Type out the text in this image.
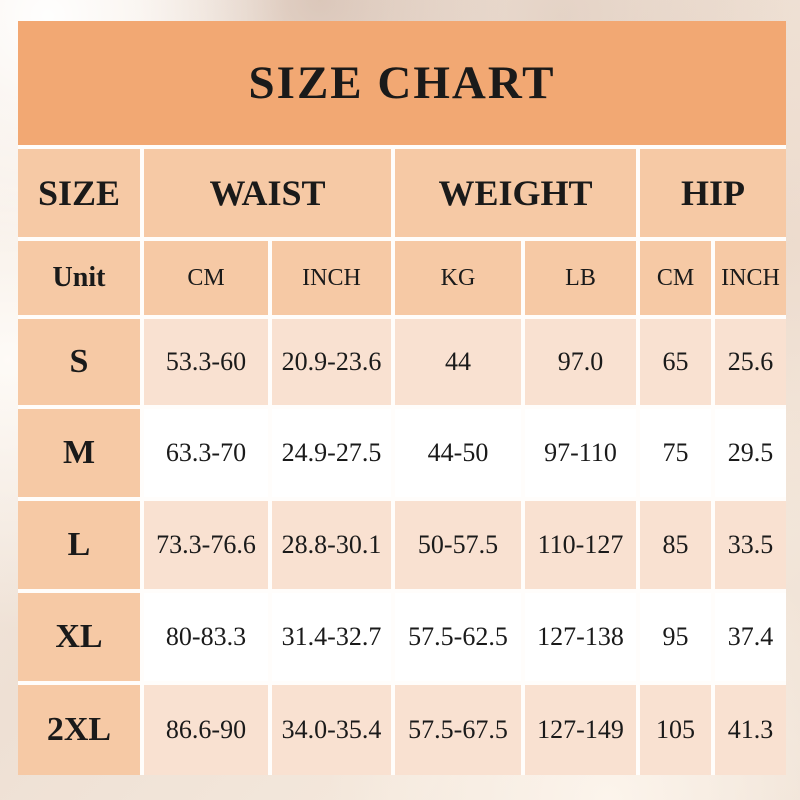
SIZE CHART
SIZE	WAIST	WEIGHT	HIP
Unit	CM	INCH	KG	LB	CM	INCH
S	53.3-60	20.9-23.6	44	97.0	65	25.6
M	63.3-70	24.9-27.5	44-50	97-110	75	29.5
L	73.3-76.6 28.8-30.1	50-57.5	110-127	85	33.5
XL	80-83.3	31.4-32.7	57.5-62.5	127-138	95	37.4
2XL	86.6-90	34.0-35.4	57.5-67.5	127-149	105	41.3
